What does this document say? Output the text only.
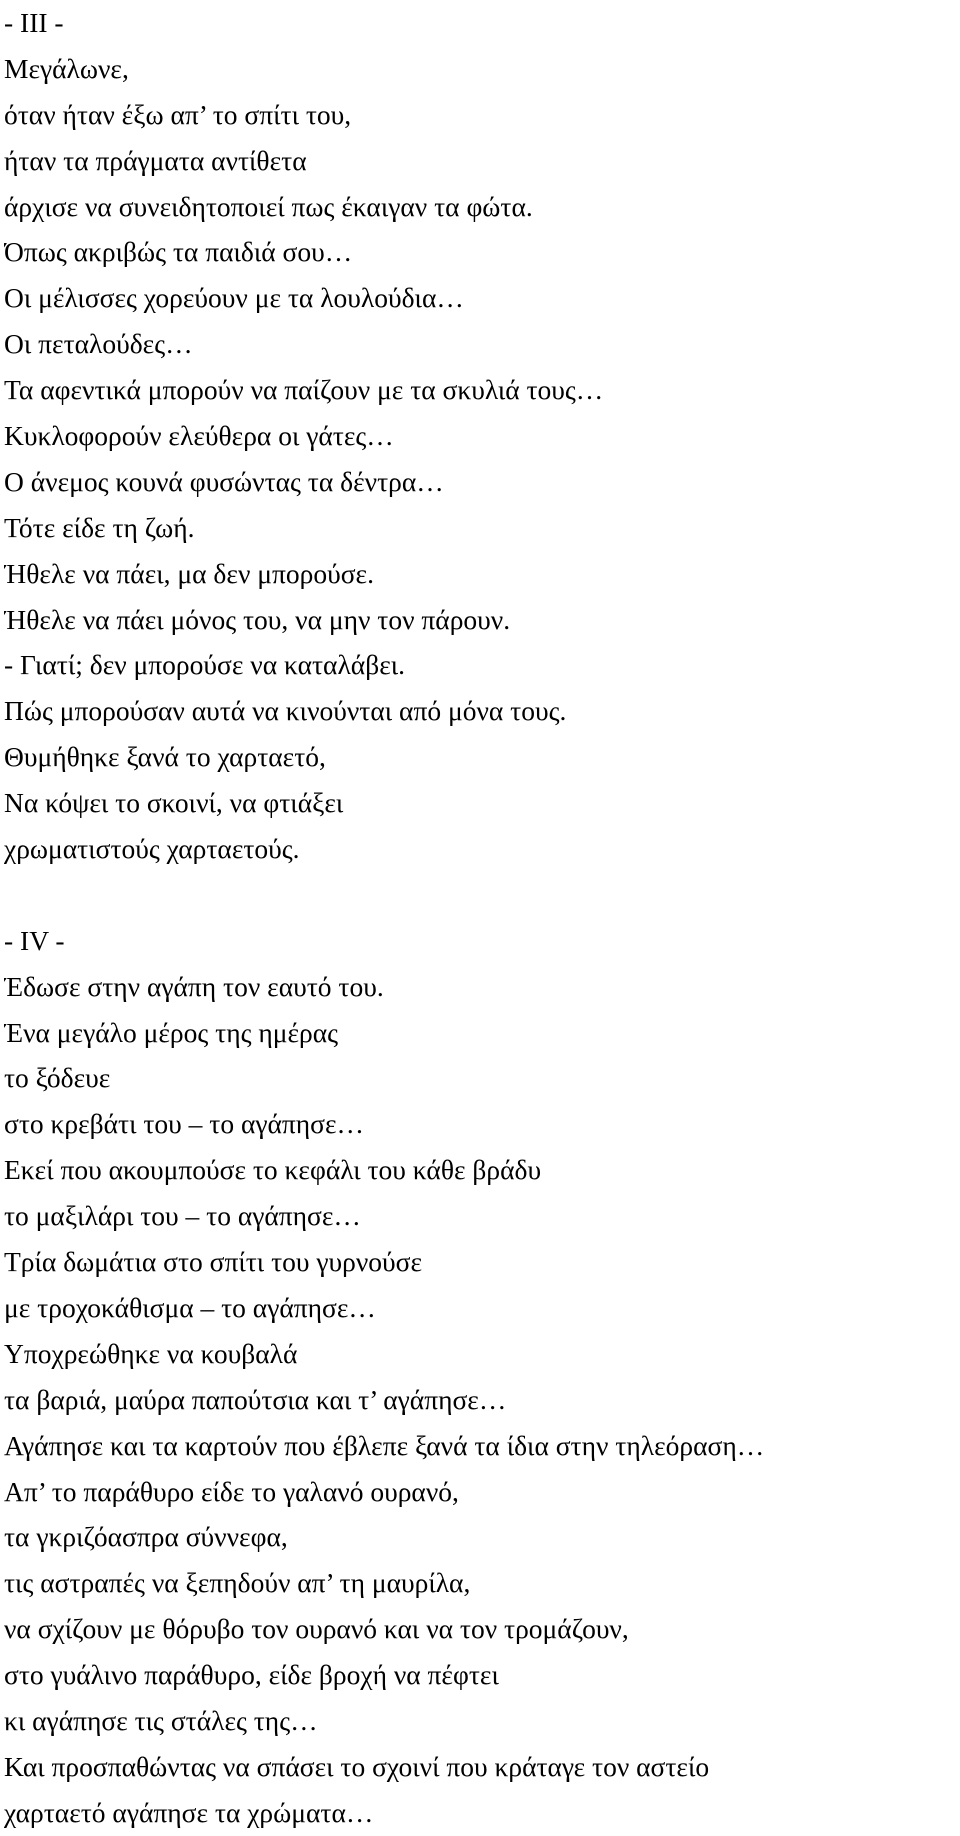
- III -
Μεγάλωνε,
όταν ήταν έξω απ’ το σπίτι του,
ήταν τα πράγματα αντίθετα
άρχισε να συνειδητοποιεί πως έκαιγαν τα φώτα.
Όπως ακριβώς τα παιδιά σου…
Οι μέλισσες χορεύουν με τα λουλούδια…
Οι πεταλούδες…
Τα αφεντικά μπορούν να παίζουν με τα σκυλιά τους…
Κυκλοφορούν ελεύθερα οι γάτες…
Ο άνεμος κουνά φυσώντας τα δέντρα…
Τότε είδε τη ζωή.
Ήθελε να πάει, μα δεν μπορούσε.
Ήθελε να πάει μόνος του, να μην τον πάρουν.
- Γιατί; δεν μπορούσε να καταλάβει.
Πώς μπορούσαν αυτά να κινούνται από μόνα τους.
Θυμήθηκε ξανά το χαρταετό,
Να κόψει το σκοινί, να φτιάξει
χρωματιστούς χαρταετούς.
- IV -
Έδωσε στην αγάπη τον εαυτό του.
Ένα μεγάλο μέρος της ημέρας
το ξόδευε
στο κρεβάτι του – το αγάπησε…
Εκεί που ακουμπούσε το κεφάλι του κάθε βράδυ
το μαξιλάρι του – το αγάπησε…
Τρία δωμάτια στο σπίτι του γυρνούσε
με τροχοκάθισμα – το αγάπησε…
Υποχρεώθηκε να κουβαλά
τα βαριά, μαύρα παπούτσια και τ’ αγάπησε…
Αγάπησε και τα καρτούν που έβλεπε ξανά τα ίδια στην τηλεόραση…
Απ’ το παράθυρο είδε το γαλανό ουρανό,
τα γκριζόασπρα σύννεφα,
τις αστραπές να ξεπηδούν απ’ τη μαυρίλα,
να σχίζουν με θόρυβο τον ουρανό και να τον τρομάζουν,
στο γυάλινο παράθυρο, είδε βροχή να πέφτει
κι αγάπησε τις στάλες της…
Και προσπαθώντας να σπάσει το σχοινί που κράταγε τον αστείο
χαρταετό αγάπησε τα χρώματα…
